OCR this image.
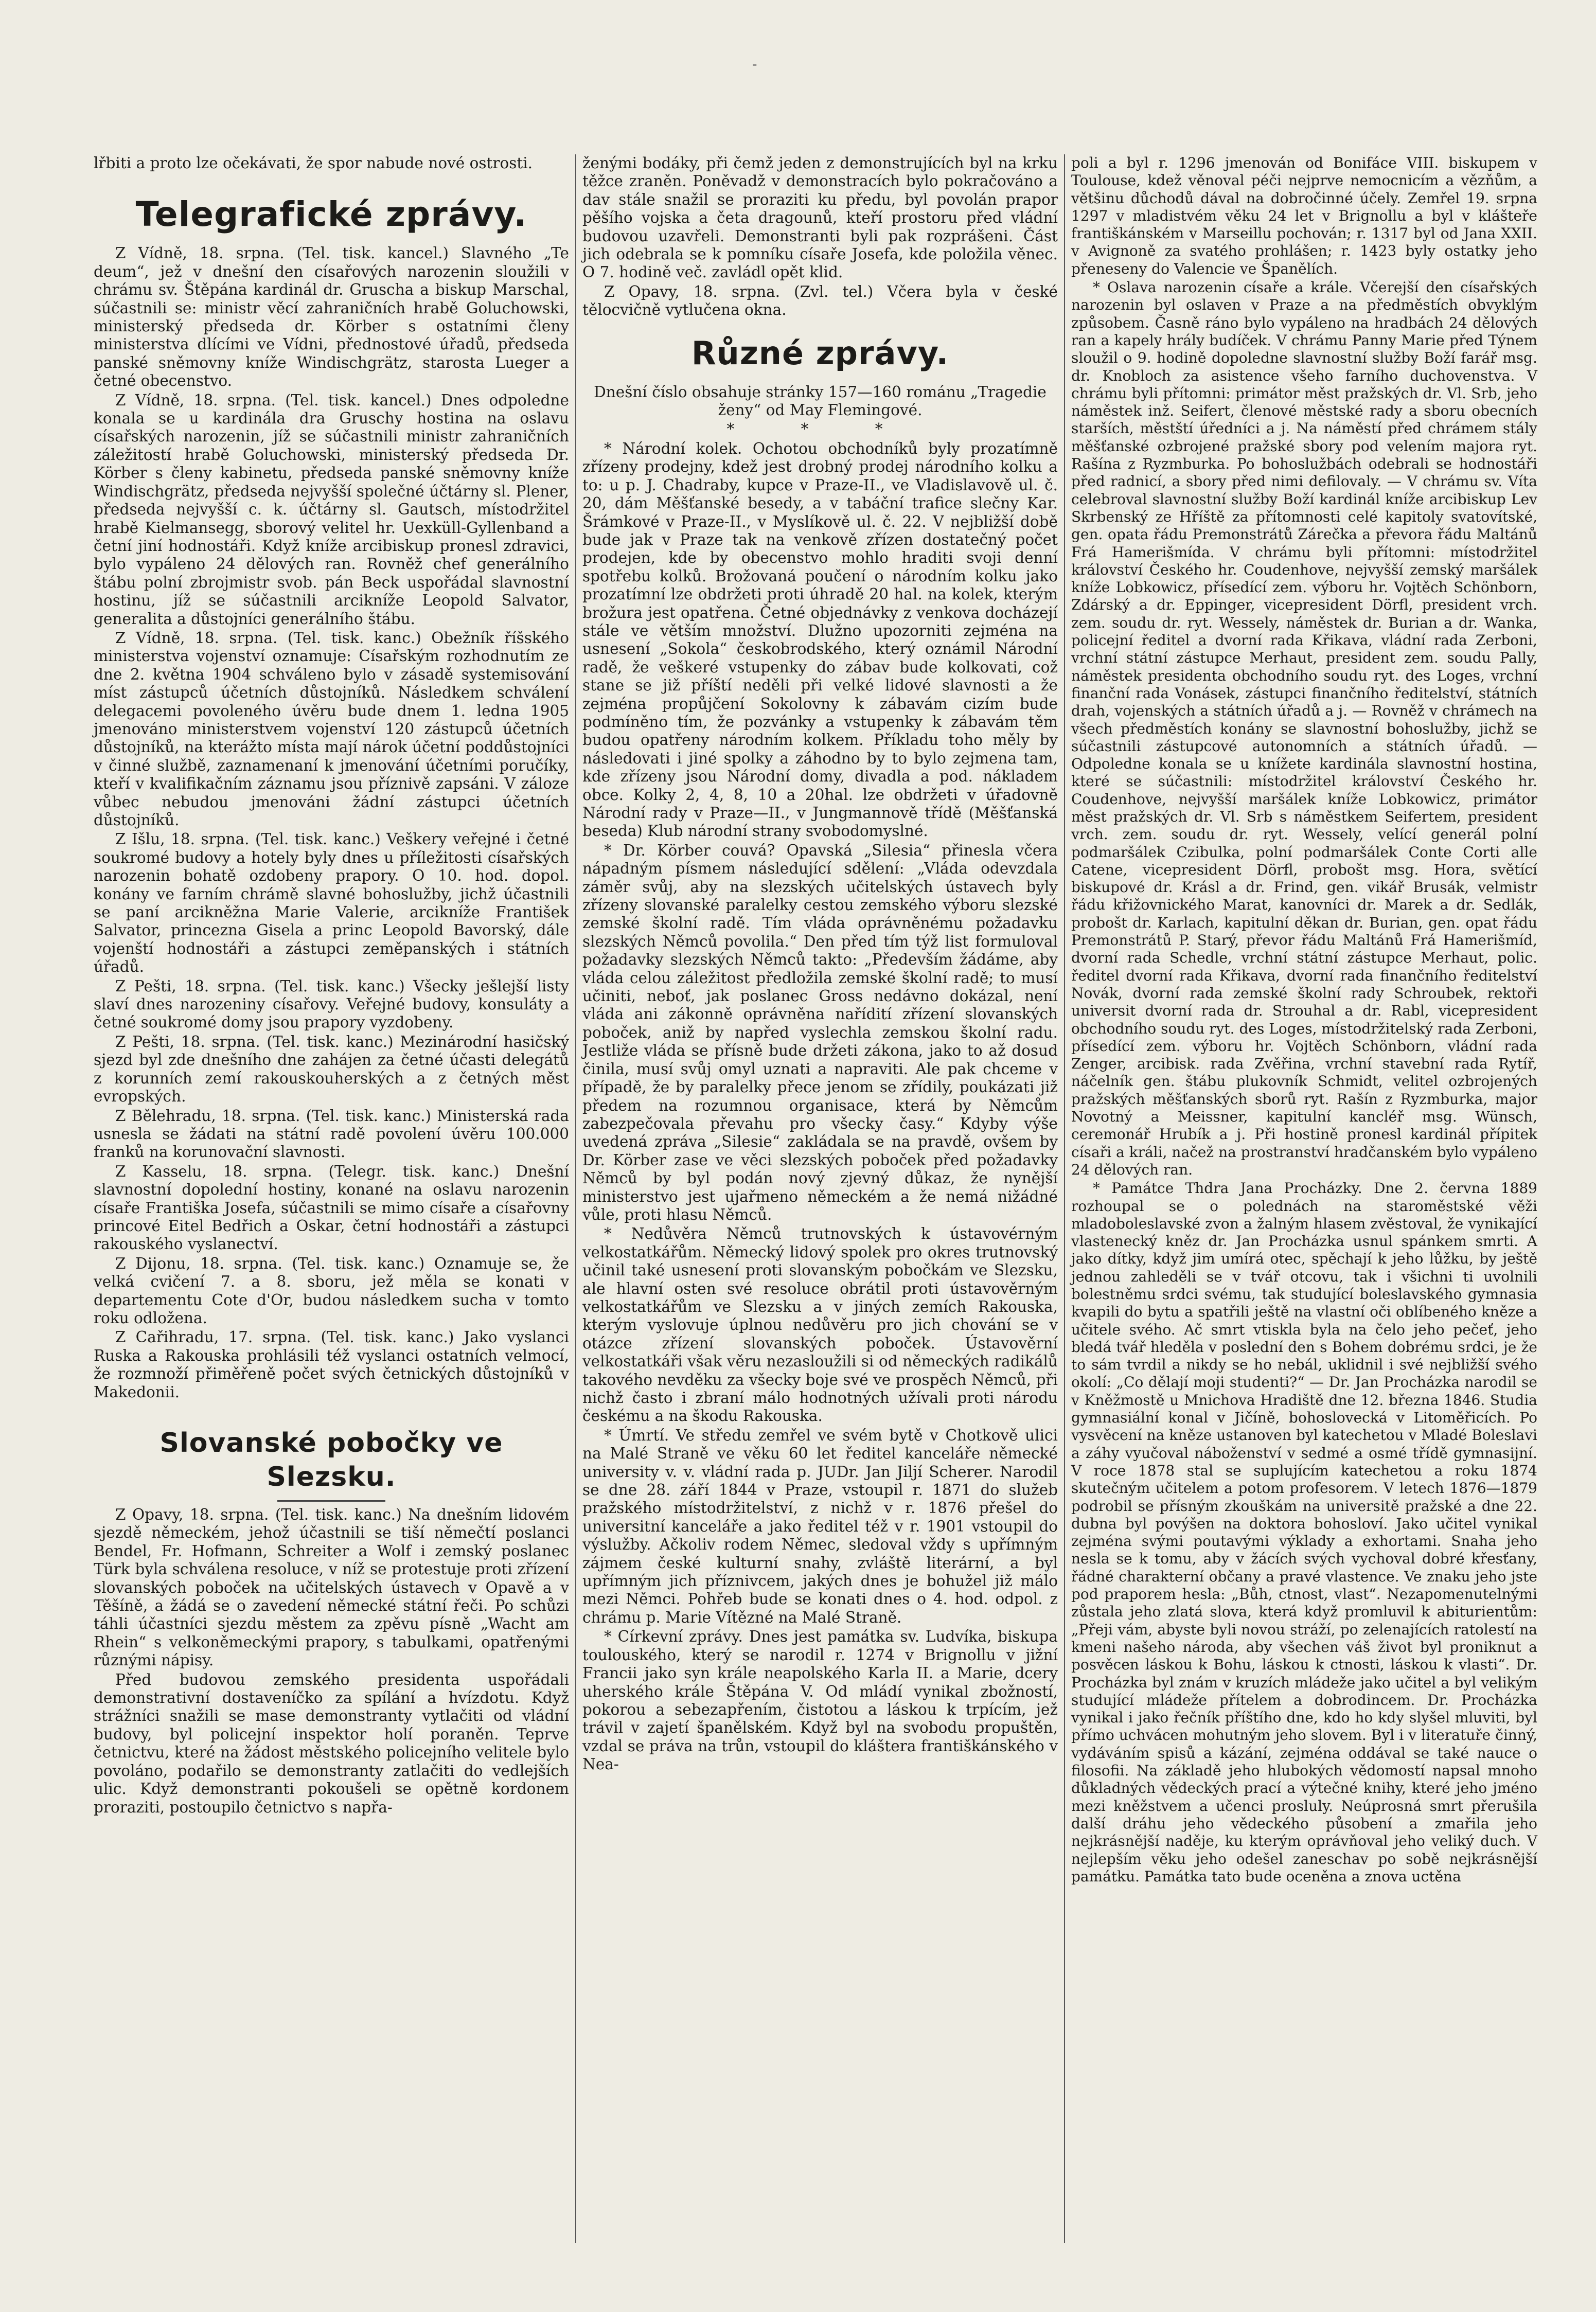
-

lřbiti a proto lze očekávati, že spor nabude nové ostrosti.

Telegrafické zprávy.

Z Vídně, 18. srpna. (Tel. tisk. kancel.) Slavného „Te deum“, jež v dnešní den císařových narozenin sloužili v chrámu sv. Štěpána kardinál dr. Gruscha a biskup Marschal, súčastnili se: ministr věcí zahraničních hrabě Goluchowski, ministerský předseda dr. Körber s ostatními členy ministerstva dlícími ve Vídni, přednostové úřadů, předseda panské sněmovny kníže Windischgrätz, starosta Lueger a četné obecenstvo.

Z Vídně, 18. srpna. (Tel. tisk. kancel.) Dnes odpoledne konala se u kardinála dra Gruschy hostina na oslavu císařských narozenin, jíž se súčastnili ministr zahraničních záležitostí hrabě Goluchowski, ministerský předseda Dr. Körber s členy kabinetu, předseda panské sněmovny kníže Windischgrätz, předseda nejvyšší společné účtárny sl. Plener, předseda nejvyšší c. k. účtárny sl. Gautsch, místodržitel hrabě Kielmansegg, sborový velitel hr. Uexküll-Gyllenband a četní jiní hodnostáři. Když kníže arcibiskup pronesl zdravici, bylo vypáleno 24 dělových ran. Rovněž chef generálního štábu polní zbrojmistr svob. pán Beck uspořádal slavnostní hostinu, jíž se súčastnili arcikníže Leopold Salvator, generalita a důstojníci generálního štábu.

Z Vídně, 18. srpna. (Tel. tisk. kanc.) Obežník říšského ministerstva vojenství oznamuje: Císařským rozhodnutím ze dne 2. května 1904 schváleno bylo v zásadě systemisování míst zástupců účetních důstojníků. Následkem schválení delegacemi povoleného úvěru bude dnem 1. ledna 1905 jmenováno ministerstvem vojenství 120 zástupců účetních důstojníků, na kterážto místa mají nárok účetní poddůstojníci v činné službě, zaznamenaní k jmenování účetními poručíky, kteří v kvalifikačním záznamu jsou příznivě zapsáni. V záloze vůbec nebudou jmenováni žádní zástupci účetních důstojníků.

Z Išlu, 18. srpna. (Tel. tisk. kanc.) Veškery veřejné i četné soukromé budovy a hotely byly dnes u příležitosti císařských narozenin bohatě ozdobeny prapory. O 10. hod. dopol. konány ve farním chrámě slavné bohoslužby, jichž účastnili se paní arcikněžna Marie Valerie, arcikníže František Salvator, princezna Gisela a princ Leopold Bavorský, dále vojenští hodnostáři a zástupci zeměpanských i státních úřadů.

Z Pešti, 18. srpna. (Tel. tisk. kanc.) Všecky ješlejší listy slaví dnes narozeniny císařovy. Veřejné budovy, konsuláty a četné soukromé domy jsou prapory vyzdobeny.

Z Pešti, 18. srpna. (Tel. tisk. kanc.) Mezinárodní hasičský sjezd byl zde dnešního dne zahájen za četné účasti delegátů z korunních zemí rakouskouherských a z četných měst evropských.

Z Bělehradu, 18. srpna. (Tel. tisk. kanc.) Ministerská rada usnesla se žádati na státní radě povolení úvěru 100.000 franků na korunovační slavnosti.

Z Kasselu, 18. srpna. (Telegr. tisk. kanc.) Dnešní slavnostní dopolední hostiny, konané na oslavu narozenin císaře Františka Josefa, súčastnili se mimo císaře a císařovny princové Eitel Bedřich a Oskar, četní hodnostáři a zástupci rakouského vyslanectví.

Z Dijonu, 18. srpna. (Tel. tisk. kanc.) Oznamuje se, že velká cvičení 7. a 8. sboru, jež měla se konati v departementu Cote d'Or, budou následkem sucha v tomto roku odložena.

Z Cařihradu, 17. srpna. (Tel. tisk. kanc.) Jako vyslanci Ruska a Rakouska prohlásili též vyslanci ostatních velmocí, že rozmnoží přiměřeně počet svých četnických důstojníků v Makedonii.

Slovanské pobočky ve Slezsku.

Z Opavy, 18. srpna. (Tel. tisk. kanc.) Na dnešním lidovém sjezdě německém, jehož účastnili se tiší němečtí poslanci Bendel, Fr. Hofmann, Schreiter a Wolf i zemský poslanec Türk byla schválena resoluce, v níž se protestuje proti zřízení slovanských poboček na učitelských ústavech v Opavě a v Těšíně, a žádá se o zavedení německé státní řeči. Po schůzi táhli účastníci sjezdu městem za zpěvu písně „Wacht am Rhein“ s velkoněmeckými prapory, s tabulkami, opatřenými různými nápisy.

Před budovou zemského presidenta uspořádali demonstrativní dostaveníčko za spílání a hvízdotu. Když strážníci snažili se mase demonstranty vytlačiti od vládní budovy, byl policejní inspektor holí poraněn. Teprve četnictvu, které na žádost městského policejního velitele bylo povoláno, podařilo se demonstranty zatlačiti do vedlejších ulic. Když demonstranti pokoušeli se opětně kordonem proraziti, postoupilo četnictvo s napřa-

ženými bodáky, při čemž jeden z demonstrujících byl na krku těžce zraněn. Poněvadž v demonstracích bylo pokračováno a dav stále snažil se proraziti ku předu, byl povolán prapor pěšího vojska a četa dragounů, kteří prostoru před vládní budovou uzavřeli. Demonstranti byli pak rozprášeni. Část jich odebrala se k pomníku císaře Josefa, kde položila věnec. O 7. hodině več. zavládl opět klid.

Z Opavy, 18. srpna. (Zvl. tel.) Včera byla v české tělocvičně vytlučena okna.

Různé zprávy.

Dnešní číslo obsahuje stránky 157—160 románu „Tragedie ženy“ od May Flemingové.

* * *

* Národní kolek. Ochotou obchodníků byly prozatímně zřízeny prodejny, kdež jest drobný prodej národního kolku a to: u p. J. Chadraby, kupce v Praze-II., ve Vladislavově ul. č. 20, dám Měšťanské besedy, a v tabáční trafice slečny Kar. Šrámkové v Praze-II., v Myslíkově ul. č. 22. V nejbližší době bude jak v Praze tak na venkově zřízen dostatečný počet prodejen, kde by obecenstvo mohlo hraditi svoji denní spotřebu kolků. Brožovaná poučení o národním kolku jako prozatímní lze obdržeti proti úhradě 20 hal. na kolek, kterým brožura jest opatřena. Četné objednávky z venkova docházejí stále ve větším množství. Dlužno upozorniti zejména na usnesení „Sokola“ českobrodského, který oznámil Národní radě, že veškeré vstupenky do zábav bude kolkovati, což stane se již příští neděli při velké lidové slavnosti a že zejména propůjčení Sokolovny k zábavám cizím bude podmíněno tím, že pozvánky a vstupenky k zábavám těm budou opatřeny národním kolkem. Příkladu toho měly by následovati i jiné spolky a záhodno by to bylo zejmena tam, kde zřízeny jsou Národní domy, divadla a pod. nákladem obce. Kolky 2, 4, 8, 10 a 20hal. lze obdržeti v úřadovně Národní rady v Praze—II., v Jungmannově třídě (Měšťanská beseda) Klub národní strany svobodomyslné.

* Dr. Körber couvá? Opavská „Silesia“ přinesla včera nápadným písmem následující sdělení: „Vláda odevzdala záměr svůj, aby na slezských učitelských ústavech byly zřízeny slovanské paralelky cestou zemského výboru slezské zemské školní radě. Tím vláda oprávněnému požadavku slezských Němců povolila.“ Den před tím týž list formuloval požadavky slezských Němců takto: „Především žádáme, aby vláda celou záležitost předložila zemské školní radě; to musí učiniti, neboť, jak poslanec Gross nedávno dokázal, není vláda ani zákonně oprávněna nařídití zřízení slovanských poboček, aniž by napřed vyslechla zemskou školní radu. Jestliže vláda se přísně bude držeti zákona, jako to až dosud činila, musí svůj omyl uznati a napraviti. Ale pak chceme v případě, že by paralelky přece jenom se zřídily, poukázati již předem na rozumnou organisace, která by Němcům zabezpečovala převahu pro všecky časy.“ Kdyby výše uvedená zpráva „Silesie“ zakládala se na pravdě, ovšem by Dr. Körber zase ve věci slezských poboček před požadavky Němců by byl podán nový zjevný důkaz, že nynější ministerstvo jest ujařmeno německém a že nemá nižádné vůle, proti hlasu Němců.

* Nedůvěra Němců trutnovských k ústavovérným velkostatkářům. Německý lidový spolek pro okres trutnovský učinil také usnesení proti slovanským pobočkám ve Slezsku, ale hlavní osten své resoluce obrátil proti ústavověrným velkostatkářům ve Slezsku a v jiných zemích Rakouska, kterým vyslovuje úplnou nedůvěru pro jich chování se v otázce zřízení slovanských poboček. Ústavověrní velkostatkáři však věru nezasloužili si od německých radikálů takového nevděku za všecky boje své ve prospěch Němců, při nichž často i zbraní málo hodnotných užívali proti národu českému a na škodu Rakouska.

* Úmrtí. Ve středu zemřel ve svém bytě v Chotkově ulici na Malé Straně ve věku 60 let ředitel kanceláře německé university v. v. vládní rada p. JUDr. Jan Jiljí Scherer. Narodil se dne 28. září 1844 v Praze, vstoupil r. 1871 do služeb pražského místodržitelství, z nichž v r. 1876 přešel do universitní kanceláře a jako ředitel též v r. 1901 vstoupil do výslužby. Ačkoliv rodem Němec, sledoval vždy s upřímným zájmem české kulturní snahy, zvláště literární, a byl upřímným jich příznivcem, jakých dnes je bohužel již málo mezi Němci. Pohřeb bude se konati dnes o 4. hod. odpol. z chrámu p. Marie Vítězné na Malé Straně.

* Církevní zprávy. Dnes jest památka sv. Ludvíka, biskupa toulouského, který se narodil r. 1274 v Brignollu v jižní Francii jako syn krále neapolského Karla II. a Marie, dcery uherského krále Štěpána V. Od mládí vynikal zbožností, pokorou a sebezapřením, čistotou a láskou k trpícím, jež trávil v zajetí španělském. Když byl na svobodu propuštěn, vzdal se práva na trůn, vstoupil do kláštera františkánského v Nea-

poli a byl r. 1296 jmenován od Bonifáce VIII. biskupem v Toulouse, kdež věnoval péči nejprve nemocnicím a vězňům, a většinu důchodů dával na dobročinné účely. Zemřel 19. srpna 1297 v mladistvém věku 24 let v Brignollu a byl v klášteře františkánském v Marseillu pochován; r. 1317 byl od Jana XXII. v Avignoně za svatého prohlášen; r. 1423 byly ostatky jeho přeneseny do Valencie ve Španělích.

* Oslava narozenin císaře a krále. Včerejší den císařských narozenin byl oslaven v Praze a na předměstích obvyklým způsobem. Časně ráno bylo vypáleno na hradbách 24 dělových ran a kapely hrály budíček. V chrámu Panny Marie před Týnem sloužil o 9. hodině dopoledne slavnostní služby Boží farář msg. dr. Knobloch za asistence všeho farního duchovenstva. V chrámu byli přítomni: primátor měst pražských dr. Vl. Srb, jeho náměstek inž. Seifert, členové městské rady a sboru obecních starších, městští úředníci a j. Na náměstí před chrámem stály měšťanské ozbrojené pražské sbory pod velením majora ryt. Rašína z Ryzmburka. Po bohoslužbách odebrali se hodnostáři před radnicí, a sbory před nimi defilovaly. — V chrámu sv. Víta celebroval slavnostní služby Boží kardinál kníže arcibiskup Lev Skrbenský ze Hříště za přítomnosti celé kapitoly svatovítské, gen. opata řádu Premonstrátů Zárečka a převora řádu Maltánů Frá Hamerišmída. V chrámu byli přítomni: místodržitel království Českého hr. Coudenhove, nejvyšší zemský maršálek kníže Lobkowicz, přísedící zem. výboru hr. Vojtěch Schönborn, Zdárský a dr. Eppinger, vicepresident Dörfl, president vrch. zem. soudu dr. ryt. Wessely, náměstek dr. Burian a dr. Wanka, policejní ředitel a dvorní rada Křikava, vládní rada Zerboni, vrchní státní zástupce Merhaut, president zem. soudu Pally, náměstek presidenta obchodního soudu ryt. des Loges, vrchní finanční rada Vonásek, zástupci finančního ředitelství, státních drah, vojenských a státních úřadů a j. — Rovněž v chrámech na všech předměstích konány se slavnostní bohoslužby, jichž se súčastnili zástupcové autonomních a státních úřadů. — Odpoledne konala se u knížete kardinála slavnostní hostina, které se súčastnili: místodržitel království Českého hr. Coudenhove, nejvyšší maršálek kníže Lobkowicz, primátor měst pražských dr. Vl. Srb s náměstkem Seifertem, president vrch. zem. soudu dr. ryt. Wessely, velící generál polní podmaršálek Czibulka, polní podmaršálek Conte Corti alle Catene, vicepresident Dörfl, probošt msg. Hora, světící biskupové dr. Krásl a dr. Frind, gen. vikář Brusák, velmistr řádu křižovnického Marat, kanovníci dr. Marek a dr. Sedlák, probošt dr. Karlach, kapitulní děkan dr. Burian, gen. opat řádu Premonstrátů P. Starý, převor řádu Maltánů Frá Hamerišmíd, dvorní rada Schedle, vrchní státní zástupce Merhaut, polic. ředitel dvorní rada Křikava, dvorní rada finančního ředitelství Novák, dvorní rada zemské školní rady Schroubek, rektoři universit dvorní rada dr. Strouhal a dr. Rabl, vicepresident obchodního soudu ryt. des Loges, místodržitelský rada Zerboni, přísedící zem. výboru hr. Vojtěch Schönborn, vládní rada Zenger, arcibisk. rada Zvěřina, vrchní stavební rada Rytíř, náčelník gen. štábu plukovník Schmidt, velitel ozbrojených pražských měšťanských sborů ryt. Rašín z Ryzmburka, major Novotný a Meissner, kapitulní kancléř msg. Wünsch, ceremonář Hrubík a j. Při hostině pronesl kardinál přípitek císaři a králi, načež na prostranství hradčanském bylo vypáleno 24 dělových ran.

* Památce Thdra Jana Procházky. Dne 2. června 1889 rozhoupal se o polednách na staroměstské věži mladoboleslavské zvon a žalným hlasem zvěstoval, že vynikající vlastenecký kněz dr. Jan Procházka usnul spánkem smrti. A jako dítky, když jim umírá otec, spěchají k jeho lůžku, by ještě jednou zahleděli se v tvář otcovu, tak i všichni ti uvolnili bolestněmu srdci svému, tak studující boleslavského gymnasia kvapili do bytu a spatřili ještě na vlastní oči oblíbeného kněze a učitele svého. Ač smrt vtiskla byla na čelo jeho pečeť, jeho bledá tvář hleděla v poslední den s Bohem dobrému srdci, je že to sám tvrdil a nikdy se ho nebál, uklidnil i své nejbližší svého okolí: „Co dělají moji studenti?“ — Dr. Jan Procházka narodil se v Kněžmostě u Mnichova Hradiště dne 12. března 1846. Studia gymnasiální konal v Jičíně, bohoslovecká v Litoměřicích. Po vysvěcení na kněze ustanoven byl katechetou v Mladé Boleslavi a záhy vyučoval náboženství v sedmé a osmé třídě gymnasijní. V roce 1878 stal se suplujícím katechetou a roku 1874 skutečným učitelem a potom profesorem. V letech 1876—1879 podrobil se přísným zkouškám na universitě pražské a dne 22. dubna byl povýšen na doktora bohosloví. Jako učitel vynikal zejména svými poutavými výklady a exhortami. Snaha jeho nesla se k tomu, aby v žácích svých vychoval dobré křesťany, řádné charakterní občany a pravé vlastence. Ve znaku jeho jste pod praporem hesla: „Bůh, ctnost, vlast“. Nezapomenutelnými zůstala jeho zlatá slova, která když promluvil k abiturientům: „Přeji vám, abyste byli novou stráží, po zelenajících ratolestí na kmeni našeho národa, aby všechen váš život byl proniknut a posvěcen láskou k Bohu, láskou k ctnosti, láskou k vlasti“. Dr. Procházka byl znám v kruzích mládeže jako učitel a byl velikým studující mládeže přítelem a dobrodincem. Dr. Procházka vynikal i jako řečník příštího dne, kdo ho kdy slyšel mluviti, byl přímo uchvácen mohutným jeho slovem. Byl i v literatuře činný, vydáváním spisů a kázání, zejména oddával se také nauce o filosofii. Na základě jeho hlubokých vědomostí napsal mnoho důkladných vědeckých prací a výtečné knihy, které jeho jméno mezi kněžstvem a učenci prosluly. Neúprosná smrt přerušila další dráhu jeho vědeckého působení a zmařila jeho nejkrásnější naděje, ku kterým oprávňoval jeho veliký duch. V nejlepším věku jeho odešel zaneschav po sobě nejkrásnější památku. Památka tato bude oceněna a znova uctěna
